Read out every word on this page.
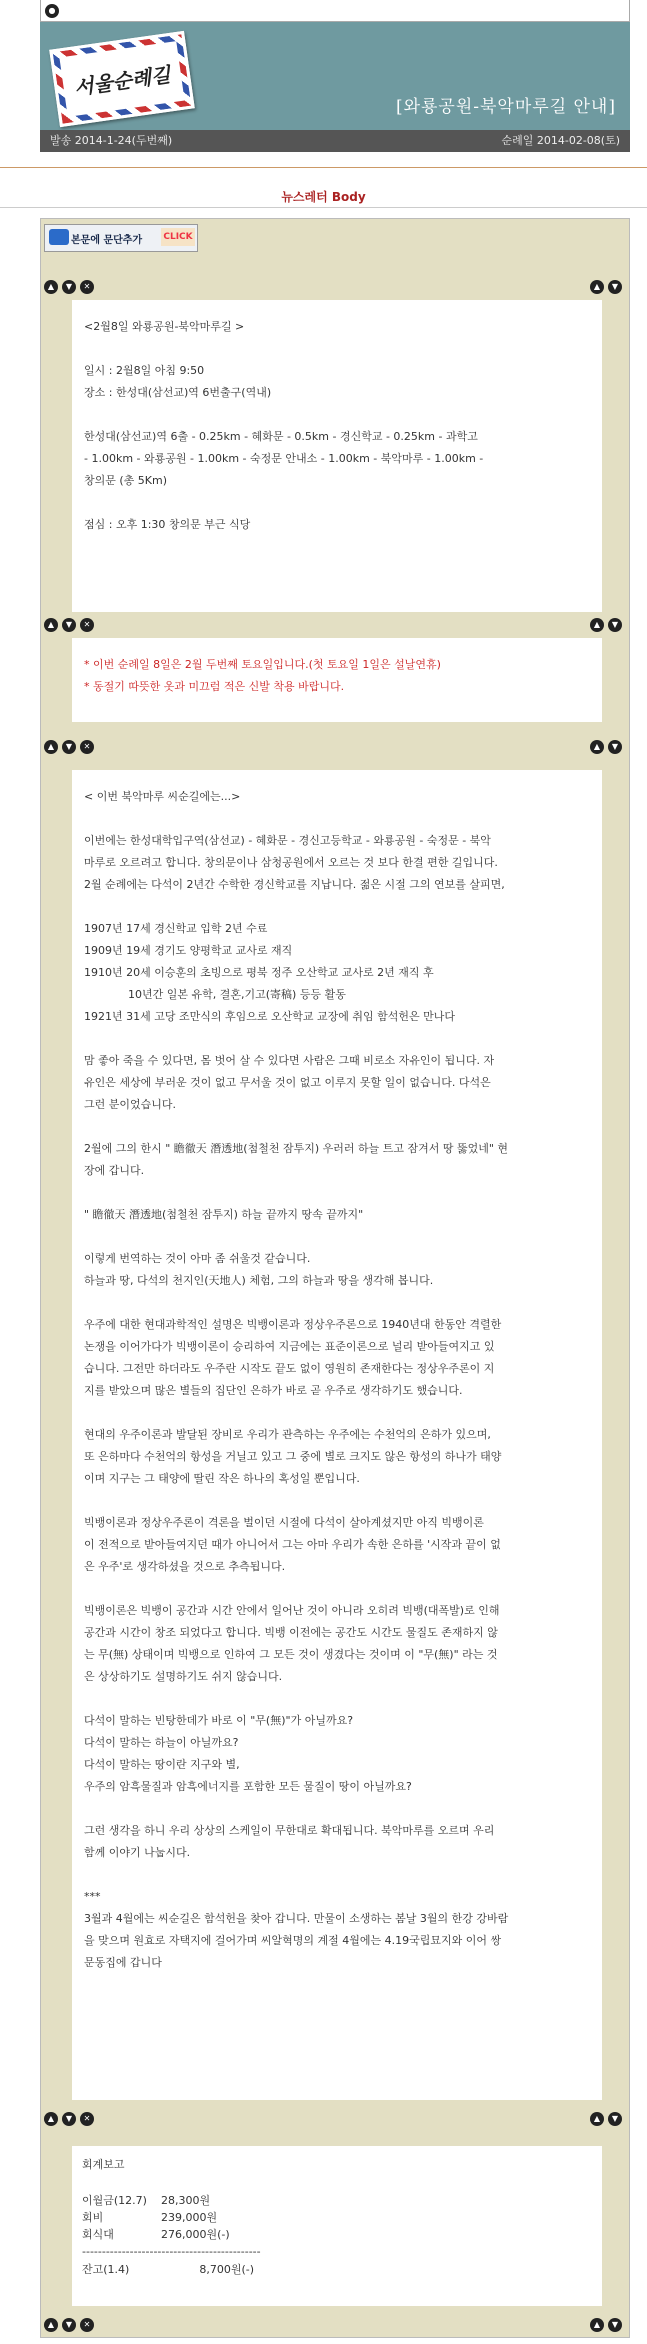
●
서울순례길
[와룡공원-북악마루길 안내]
발송 2014-1-24(두번째)	순례일 2014-02-08(토)
뉴스레터 Body
본문에 문단추가 CLICK
▲ ▼ ✕	▲ ▼

<2월8일 와룡공원-북악마루길 >

일시 : 2월8일 아침 9:50

장소 : 한성대(삼선교)역 6번출구(역내)

한성대(삼선교)역 6출 - 0.25km - 혜화문 - 0.5km - 경신학교 - 0.25km - 과학고

- 1.00km - 와룡공원 - 1.00km - 숙정문 안내소 - 1.00km - 북악마루 - 1.00km -

창의문 (총 5Km)

점심 : 오후 1:30 창의문 부근 식당

▲ ▼ ✕	▲ ▼

* 이번 순례일 8일은 2월 두번째 토요일입니다.(첫 토요일 1일은 설날연휴)

* 동절기 따뜻한 옷과 미끄럼 적은 신발 착용 바랍니다.

▲ ▼ ✕	▲ ▼

< 이번 북악마루 씨순길에는...>

이번에는 한성대학입구역(삼선교) - 혜화문 - 경신고등학교 - 와룡공원 - 숙정문 - 북악

마루로 오르려고 합니다. 창의문이나 삼청공원에서 오르는 것 보다 한결 편한 길입니다.

2월 순례에는 다석이 2년간 수학한 경신학교를 지납니다. 젊은 시절 그의 연보를 살피면,

1907년 17세 경신학교 입학 2년 수료

1909년 19세 경기도 양평학교 교사로 재직

1910년 20세 이승훈의 초빙으로 평북 정주 오산학교 교사로 2년 재직 후

10년간 일본 유학, 결혼,기고(寄稿) 등등 활동

1921년 31세 고당 조만식의 후임으로 오산학교 교장에 취임 함석헌은 만나다

맘 좋아 죽을 수 있다면, 몸 벗어 살 수 있다면 사람은 그때 비로소 자유인이 됩니다. 자

유인은 세상에 부러운 것이 없고 무서울 것이 없고 이루지 못할 일이 없습니다. 다석은

그런 분이었습니다.

2월에 그의 한시 " 瞻徹天 潛透地(첨철천 잠투지) 우러러 하늘 트고 잠겨서 땅 뚫었네" 현

장에 갑니다.

" 瞻徹天 潛透地(첨철천 잠투지) 하늘 끝까지 땅속 끝까지"

이렇게 번역하는 것이 아마 좀 쉬울것 같습니다.

하늘과 땅, 다석의 천지인(天地人) 체험, 그의 하늘과 땅을 생각해 봅니다.

우주에 대한 현대과학적인 설명은 빅뱅이론과 정상우주론으로 1940년대 한동안 격렬한

논쟁을 이어가다가 빅뱅이론이 승리하여 지금에는 표준이론으로 널리 받아들여지고 있

습니다. 그전만 하더라도 우주란 시작도 끝도 없이 영원히 존재한다는 정상우주론이 지

지를 받았으며 많은 별들의 집단인 은하가 바로 곧 우주로 생각하기도 했습니다.

현대의 우주이론과 발달된 장비로 우리가 관측하는 우주에는 수천억의 은하가 있으며,

또 은하마다 수천억의 항성을 거닐고 있고 그 중에 별로 크지도 않은 항성의 하나가 태양

이며 지구는 그 태양에 딸린 작은 하나의 혹성일 뿐입니다.

빅뱅이론과 정상우주론이 격론을 벌이던 시절에 다석이 살아계셨지만 아직 빅뱅이론

이 전적으로 받아들여지던 때가 아니어서 그는 아마 우리가 속한 은하를 '시작과 끝이 없

은 우주'로 생각하셨을 것으로 추측됩니다.

빅뱅이론은 빅뱅이 공간과 시간 안에서 일어난 것이 아니라 오히려 빅뱅(대폭발)로 인해

공간과 시간이 창조 되었다고 합니다. 빅뱅 이전에는 공간도 시간도 물질도 존재하지 않

는 무(無) 상태이며 빅뱅으로 인하여 그 모든 것이 생겼다는 것이며 이 "무(無)" 라는 것

은 상상하기도 설명하기도 쉬지 않습니다.

다석이 말하는 빈탕한데가 바로 이 "무(無)"가 아닐까요?

다석이 말하는 하늘이 아닐까요?

다석이 말하는 땅이란 지구와 별,

우주의 암흑물질과 암흑에너지를 포함한 모든 물질이 땅이 아닐까요?

그런 생각을 하니 우리 상상의 스케일이 무한대로 확대됩니다. 북악마루를 오르며 우리

함께 이야기 나눕시다.

***

3월과 4월에는 씨순길은 함석헌을 찾아 갑니다. 만물이 소생하는 봄날 3월의 한강 강바람

을 맞으며 원효로 자택지에 걸어가며 씨알혁명의 계절 4월에는 4.19국립묘지와 이어 쌍

문동집에 갑니다

▲ ▼ ✕	▲ ▼

회계보고

이월금(12.7)	28,300원
회비	239,000원
회식대	276,000원(-)

---------------------------------------------

잔고(1.4)	8,700원(-)
▲ ▼ ✕	▲ ▼
